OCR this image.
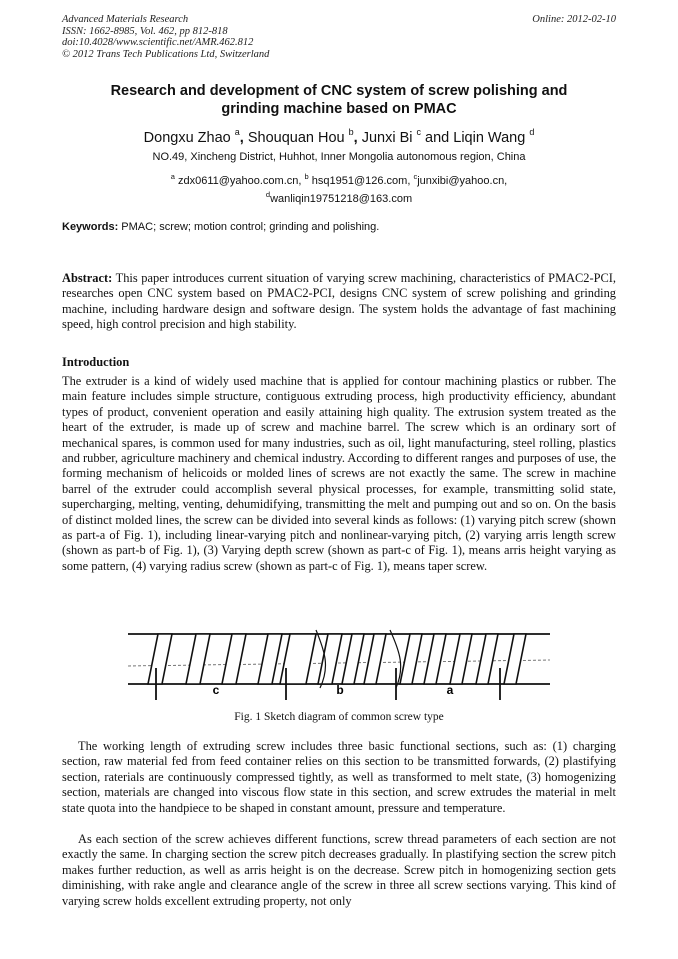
Advanced Materials Research
ISSN: 1662-8985, Vol. 462, pp 812-818
doi:10.4028/www.scientific.net/AMR.462.812
© 2012 Trans Tech Publications Ltd, Switzerland
Online: 2012-02-10
Research and development of CNC system of screw polishing and
grinding machine based on PMAC
Dongxu Zhao $^a$, Shouquan Hou $^b$, Junxi Bi $^c$ and Liqin Wang $^d$
NO.49, Xincheng District, Huhhot, Inner Mongolia autonomous region, China
$^a$ zdx0611@yahoo.com.cn, $^b$ hsq1951@126.com, $^c$junxibi@yahoo.cn,
$^d$wanliqin19751218@163.com
Keywords: PMAC; screw; motion control; grinding and polishing.
Abstract: This paper introduces current situation of varying screw machining, characteristics of PMAC2-PCI, researches open CNC system based on PMAC2-PCI, designs CNC system of screw polishing and grinding machine, including hardware design and software design. The system holds the advantage of fast machining speed, high control precision and high stability.
Introduction
The extruder is a kind of widely used machine that is applied for contour machining plastics or rubber. The main feature includes simple structure, contiguous extruding process, high productivity efficiency, abundant types of product, convenient operation and easily attaining high quality. The extrusion system treated as the heart of the extruder, is made up of screw and machine barrel. The screw which is an ordinary sort of mechanical spares, is common used for many industries, such as oil, light manufacturing, steel rolling, plastics and rubber, agriculture machinery and chemical industry. According to different ranges and purposes of use, the forming mechanism of helicoids or molded lines of screws are not exactly the same. The screw in machine barrel of the extruder could accomplish several physical processes, for example, transmitting solid state, supercharging, melting, venting, dehumidifying, transmitting the melt and pumping out and so on. On the basis of distinct molded lines, the screw can be divided into several kinds as follows: (1) varying pitch screw (shown as part-a of Fig. 1), including linear-varying pitch and nonlinear-varying pitch, (2) varying arris length screw (shown as part-b of Fig. 1), (3) Varying depth screw (shown as part-c of Fig. 1), means arris height varying as some pattern, (4) varying radius screw (shown as part-c of Fig. 1), means taper screw.
c	b	a
Fig. 1 Sketch diagram of common screw type
The working length of extruding screw includes three basic functional sections, such as: (1) charging section, raw material fed from feed container relies on this section to be transmitted forwards, (2) plastifying section, raterials are continuously compressed tightly, as well as transformed to melt state, (3) homogenizing section, materials are changed into viscous flow state in this section, and screw extrudes the material in melt state quota into the handpiece to be shaped in constant amount, pressure and temperature.
As each section of the screw achieves different functions, screw thread parameters of each section are not exactly the same. In charging section the screw pitch decreases gradually. In plastifying section the screw pitch makes further reduction, as well as arris height is on the decrease. Screw pitch in homogenizing section gets diminishing, with rake angle and clearance angle of the screw in three all screw sections varying. This kind of varying screw holds excellent extruding property, not only
